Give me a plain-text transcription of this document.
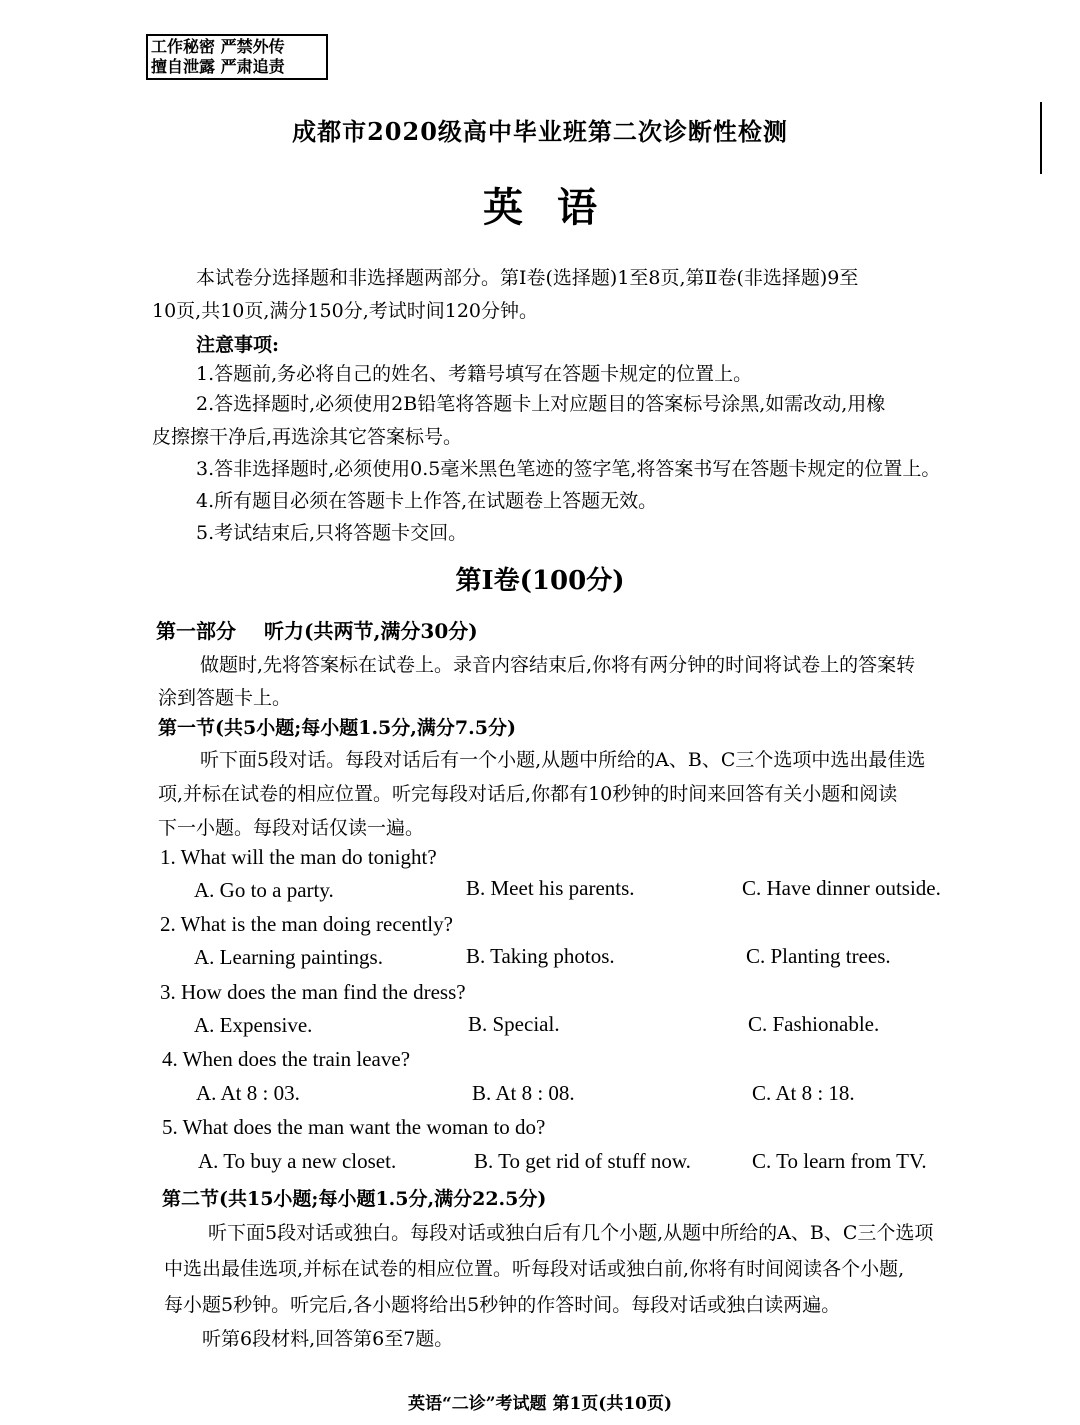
工作秘密 严禁外传
擅自泄露 严肃追责
成都市2020级高中毕业班第二次诊断性检测
英语
本试卷分选择题和非选择题两部分。第Ⅰ卷(选择题)1至8页,第Ⅱ卷(非选择题)9至
10页,共10页,满分150分,考试时间120分钟。
注意事项:
1.答题前,务必将自己的姓名、考籍号填写在答题卡规定的位置上。
2.答选择题时,必须使用2B铅笔将答题卡上对应题目的答案标号涂黑,如需改动,用橡
皮擦擦干净后,再选涂其它答案标号。
3.答非选择题时,必须使用0.5毫米黑色笔迹的签字笔,将答案书写在答题卡规定的位置上。
4.所有题目必须在答题卡上作答,在试题卷上答题无效。
5.考试结束后,只将答题卡交回。
第Ⅰ卷(100分)
第一部分 听力(共两节,满分30分)
做题时,先将答案标在试卷上。录音内容结束后,你将有两分钟的时间将试卷上的答案转
涂到答题卡上。
第一节(共5小题;每小题1.5分,满分7.5分)
听下面5段对话。每段对话后有一个小题,从题中所给的A、B、C三个选项中选出最佳选
项,并标在试卷的相应位置。听完每段对话后,你都有10秒钟的时间来回答有关小题和阅读
下一小题。每段对话仅读一遍。
1. What will the man do tonight?
A. Go to a party.	B. Meet his parents.	C. Have dinner outside.
2. What is the man doing recently?
A. Learning paintings.	B. Taking photos.	C. Planting trees.
3. How does the man find the dress?
A. Expensive.	B. Special.	C. Fashionable.
4. When does the train leave?
A. At 8 : 03.	B. At 8 : 08.	C. At 8 : 18.
5. What does the man want the woman to do?
A. To buy a new closet.	B. To get rid of stuff now.	C. To learn from TV.
第二节(共15小题;每小题1.5分,满分22.5分)
听下面5段对话或独白。每段对话或独白后有几个小题,从题中所给的A、B、C三个选项
中选出最佳选项,并标在试卷的相应位置。听每段对话或独白前,你将有时间阅读各个小题,
每小题5秒钟。听完后,各小题将给出5秒钟的作答时间。每段对话或独白读两遍。
听第6段材料,回答第6至7题。
英语“二诊”考试题 第1页(共10页)
